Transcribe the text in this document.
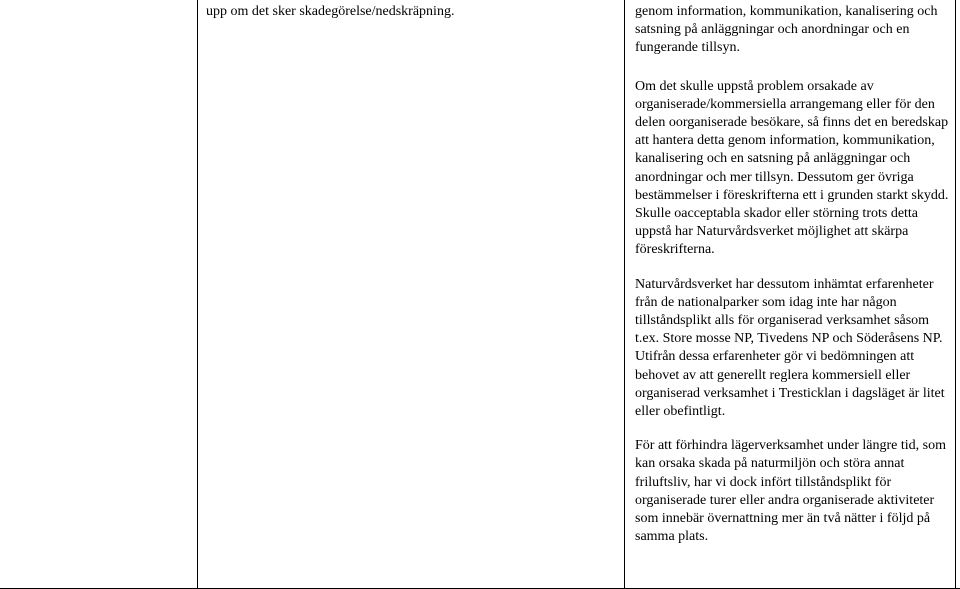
upp om det sker skadegörelse/nedskräpning.	genom information, kommunikation, kanalisering och satsning på anläggningar och anordningar och en fungerande tillsyn.

Om det skulle uppstå problem orsakade av organiserade/kommersiella arrangemang eller för den delen oorganiserade besökare, så finns det en beredskap att hantera detta genom information, kommunikation, kanalisering och en satsning på anläggningar och anordningar och mer tillsyn. Dessutom ger övriga bestämmelser i föreskrifterna ett i grunden starkt skydd. Skulle oacceptabla skador eller störning trots detta uppstå har Naturvårdsverket möjlighet att skärpa föreskrifterna.

Naturvårdsverket har dessutom inhämtat erfarenheter från de nationalparker som idag inte har någon tillståndsplikt alls för organiserad verksamhet såsom t.ex. Store mosse NP, Tivedens NP och Söderåsens NP. Utifrån dessa erfarenheter gör vi bedömningen att behovet av att generellt reglera kommersiell eller organiserad verksamhet i Tresticklan i dagsläget är litet eller obefintligt.

För att förhindra lägerverksamhet under längre tid, som kan orsaka skada på naturmiljön och störa annat friluftsliv, har vi dock infört tillståndsplikt för organiserade turer eller andra organiserade aktiviteter som innebär övernattning mer än två nätter i följd på samma plats.
